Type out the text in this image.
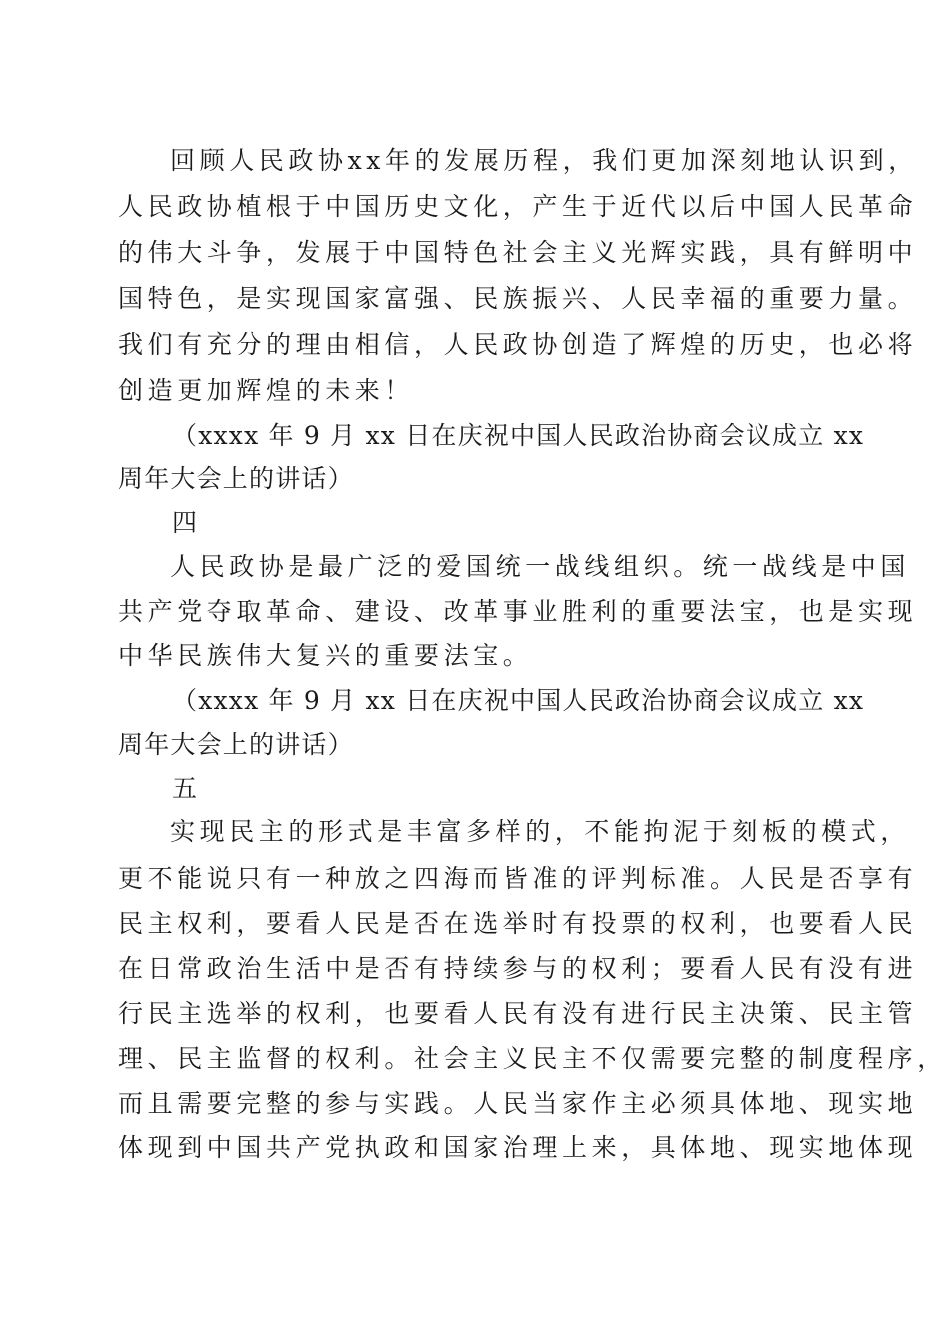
回顾人民政协xx年的发展历程，我们更加深刻地认识到，
人民政协植根于中国历史文化，产生于近代以后中国人民革命
的伟大斗争，发展于中国特色社会主义光辉实践，具有鲜明中
国特色，是实现国家富强、民族振兴、人民幸福的重要力量。
我们有充分的理由相信，人民政协创造了辉煌的历史，也必将
创造更加辉煌的未来！
（xxxx 年 9 月 xx 日在庆祝中国人民政治协商会议成立 xx
周年大会上的讲话）
四
人民政协是最广泛的爱国统一战线组织。统一战线是中国
共产党夺取革命、建设、改革事业胜利的重要法宝，也是实现
中华民族伟大复兴的重要法宝。
（xxxx 年 9 月 xx 日在庆祝中国人民政治协商会议成立 xx
周年大会上的讲话）
五
实现民主的形式是丰富多样的，不能拘泥于刻板的模式，
更不能说只有一种放之四海而皆准的评判标准。人民是否享有
民主权利，要看人民是否在选举时有投票的权利，也要看人民
在日常政治生活中是否有持续参与的权利；要看人民有没有进
行民主选举的权利，也要看人民有没有进行民主决策、民主管
理、民主监督的权利。社会主义民主不仅需要完整的制度程序，
而且需要完整的参与实践。人民当家作主必须具体地、现实地
体现到中国共产党执政和国家治理上来，具体地、现实地体现
